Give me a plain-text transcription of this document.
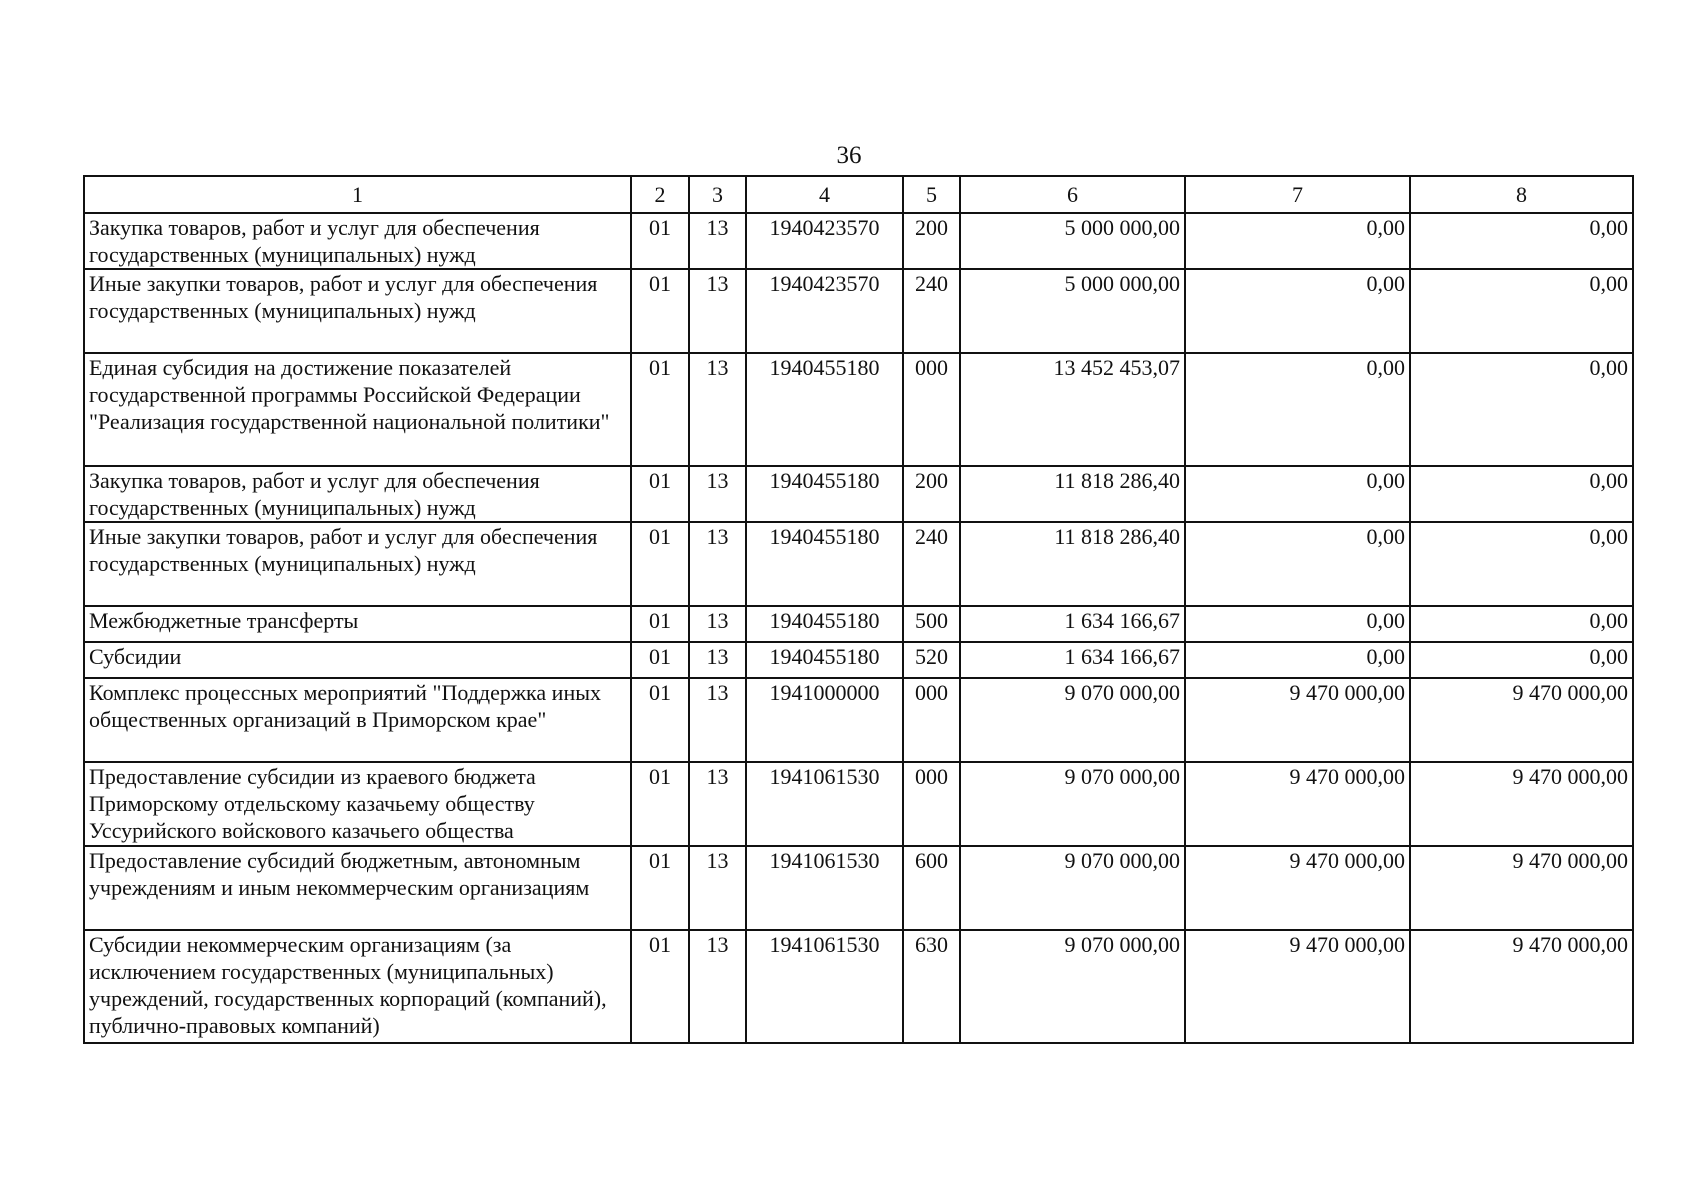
36
1	2	3	4	5	6	7	8
Закупка товаров, работ и услуг для обеспечения государственных (муниципальных) нужд	01	13	1940423570	200	5 000 000,00	0,00	0,00
Иные закупки товаров, работ и услуг для обеспечения государственных (муниципальных) нужд	01	13	1940423570	240	5 000 000,00	0,00	0,00
Единая субсидия на достижение показателей государственной программы Российской Федерации "Реализация государственной национальной политики"	01	13	1940455180	000	13 452 453,07	0,00	0,00
Закупка товаров, работ и услуг для обеспечения государственных (муниципальных) нужд	01	13	1940455180	200	11 818 286,40	0,00	0,00
Иные закупки товаров, работ и услуг для обеспечения государственных (муниципальных) нужд	01	13	1940455180	240	11 818 286,40	0,00	0,00
Межбюджетные трансферты	01	13	1940455180	500	1 634 166,67	0,00	0,00
Субсидии	01	13	1940455180	520	1 634 166,67	0,00	0,00
Комплекс процессных мероприятий "Поддержка иных общественных организаций в Приморском крае"	01	13	1941000000	000	9 070 000,00	9 470 000,00	9 470 000,00
Предоставление субсидии из краевого бюджета Приморскому отдельскому казачьему обществу Уссурийского войскового казачьего общества	01	13	1941061530	000	9 070 000,00	9 470 000,00	9 470 000,00
Предоставление субсидий бюджетным, автономным учреждениям и иным некоммерческим организациям	01	13	1941061530	600	9 070 000,00	9 470 000,00	9 470 000,00
Субсидии некоммерческим организациям (за исключением государственных (муниципальных) учреждений, государственных корпораций (компаний), публично-правовых компаний)	01	13	1941061530	630	9 070 000,00	9 470 000,00	9 470 000,00
